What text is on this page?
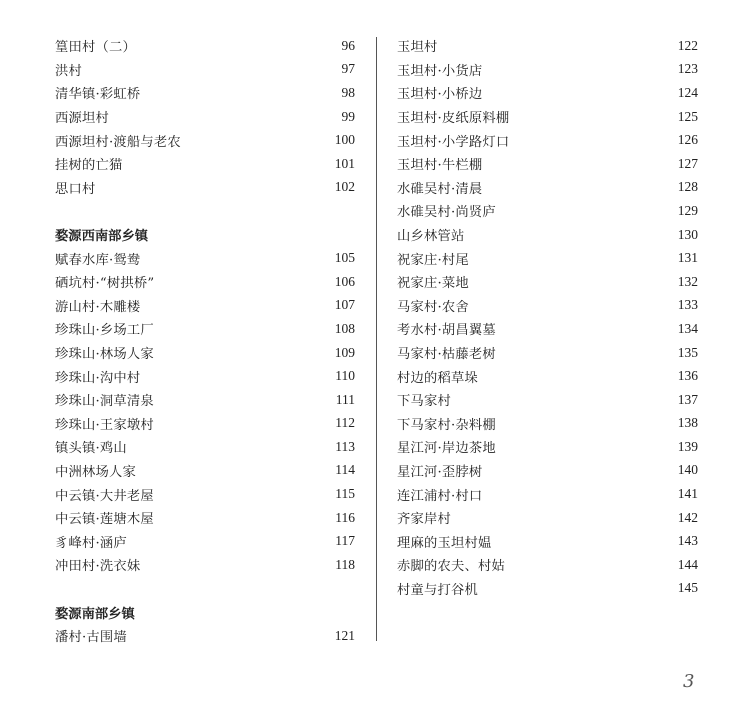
篁田村（二）	96
洪村	97
清华镇·彩虹桥	98
西源坦村	99
西源坦村·渡船与老农	100
挂树的亡猫	101
思口村	102
婺源西南部乡镇
赋春水库·鸳鸯	105
硒坑村·“树拱桥”	106
游山村·木雕楼	107
珍珠山·乡场工厂	108
珍珠山·林场人家	109
珍珠山·沟中村	110
珍珠山·洞草清泉	111
珍珠山·王家墩村	112
镇头镇·鸡山	113
中洲林场人家	114
中云镇·大井老屋	115
中云镇·莲塘木屋	116
豸峰村·涵庐	117
冲田村·洗衣妹	118
婺源南部乡镇
潘村·古围墙	121
玉坦村	122
玉坦村·小货店	123
玉坦村·小桥边	124
玉坦村·皮纸原料棚	125
玉坦村·小学路灯口	126
玉坦村·牛栏棚	127
水碓吴村·清晨	128
水碓吴村·尚贤庐	129
山乡林管站	130
祝家庄·村尾	131
祝家庄·菜地	132
马家村·农舍	133
考水村·胡昌翼墓	134
马家村·枯藤老树	135
村边的稻草垛	136
下马家村	137
下马家村·杂料棚	138
星江河·岸边茶地	139
星江河·歪脖树	140
连江浦村·村口	141
齐家岸村	142
理麻的玉坦村媪	143
赤脚的农夫、村姑	144
村童与打谷机	145
3
